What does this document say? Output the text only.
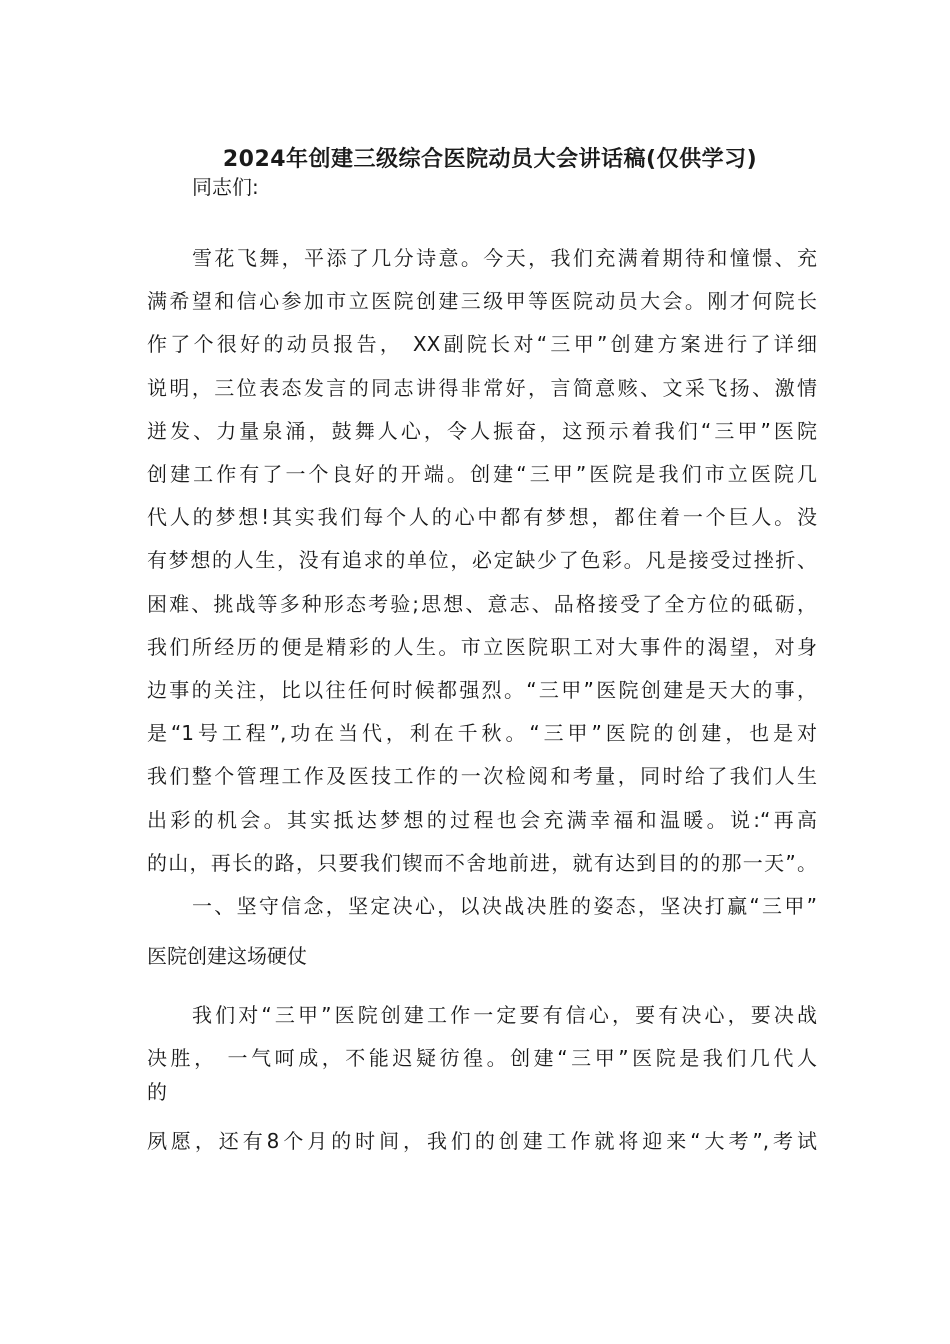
2024年创建三级综合医院动员大会讲话稿(仅供学习)
同志们:
雪花飞舞，平添了几分诗意。今天，我们充满着期待和憧憬、充
满希望和信心参加市立医院创建三级甲等医院动员大会。刚才何院长
作了个很好的动员报告， XX副院长对“三甲”创建方案进行了详细
说明，三位表态发言的同志讲得非常好，言简意赅、文采飞扬、激情
迸发、力量泉涌，鼓舞人心，令人振奋，这预示着我们“三甲”医院
创建工作有了一个良好的开端。创建“三甲”医院是我们市立医院几
代人的梦想!其实我们每个人的心中都有梦想，都住着一个巨人。没
有梦想的人生，没有追求的单位，必定缺少了色彩。凡是接受过挫折、
困难、挑战等多种形态考验;思想、意志、品格接受了全方位的砥砺，
我们所经历的便是精彩的人生。市立医院职工对大事件的渴望，对身
边事的关注，比以往任何时候都强烈。“三甲”医院创建是天大的事，
是“1号工程”,功在当代，利在千秋。“三甲”医院的创建，也是对
我们整个管理工作及医技工作的一次检阅和考量，同时给了我们人生
出彩的机会。其实抵达梦想的过程也会充满幸福和温暖。说:“再高
的山，再长的路，只要我们锲而不舍地前进，就有达到目的的那一天”。
一、坚守信念，坚定决心，以决战决胜的姿态，坚决打赢“三甲”
医院创建这场硬仗
我们对“三甲”医院创建工作一定要有信心，要有决心，要决战
决胜， 一气呵成，不能迟疑彷徨。创建“三甲”医院是我们几代人
的
夙愿，还有8个月的时间，我们的创建工作就将迎来“大考”,考试
